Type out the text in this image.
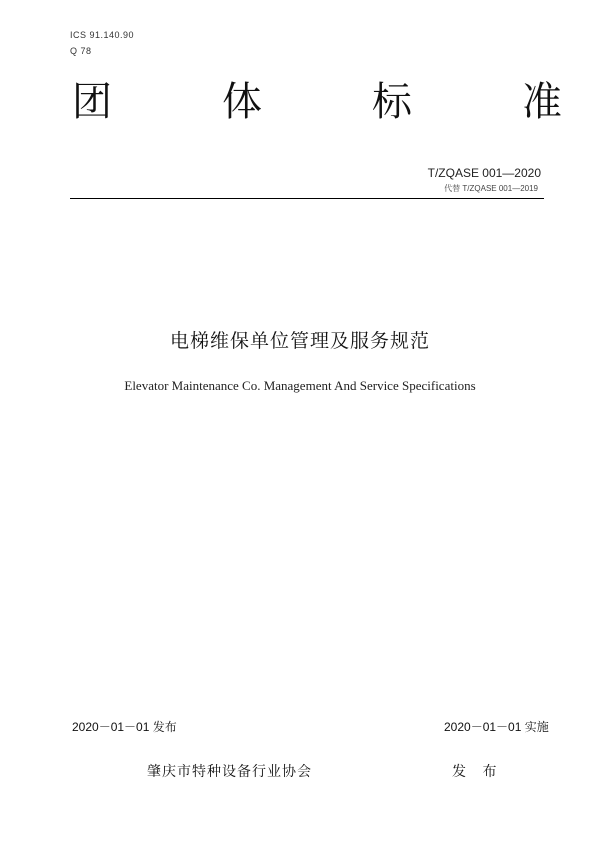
ICS 91.140.90
Q 78
团	体	标	准
T/ZQASE 001—2020
代替 T/ZQASE 001—2019
电梯维保单位管理及服务规范
Elevator Maintenance Co. Management And Service Specifications
2020－01－01 发布	2020－01－01 实施
肇庆市特种设备行业协会	发 布
